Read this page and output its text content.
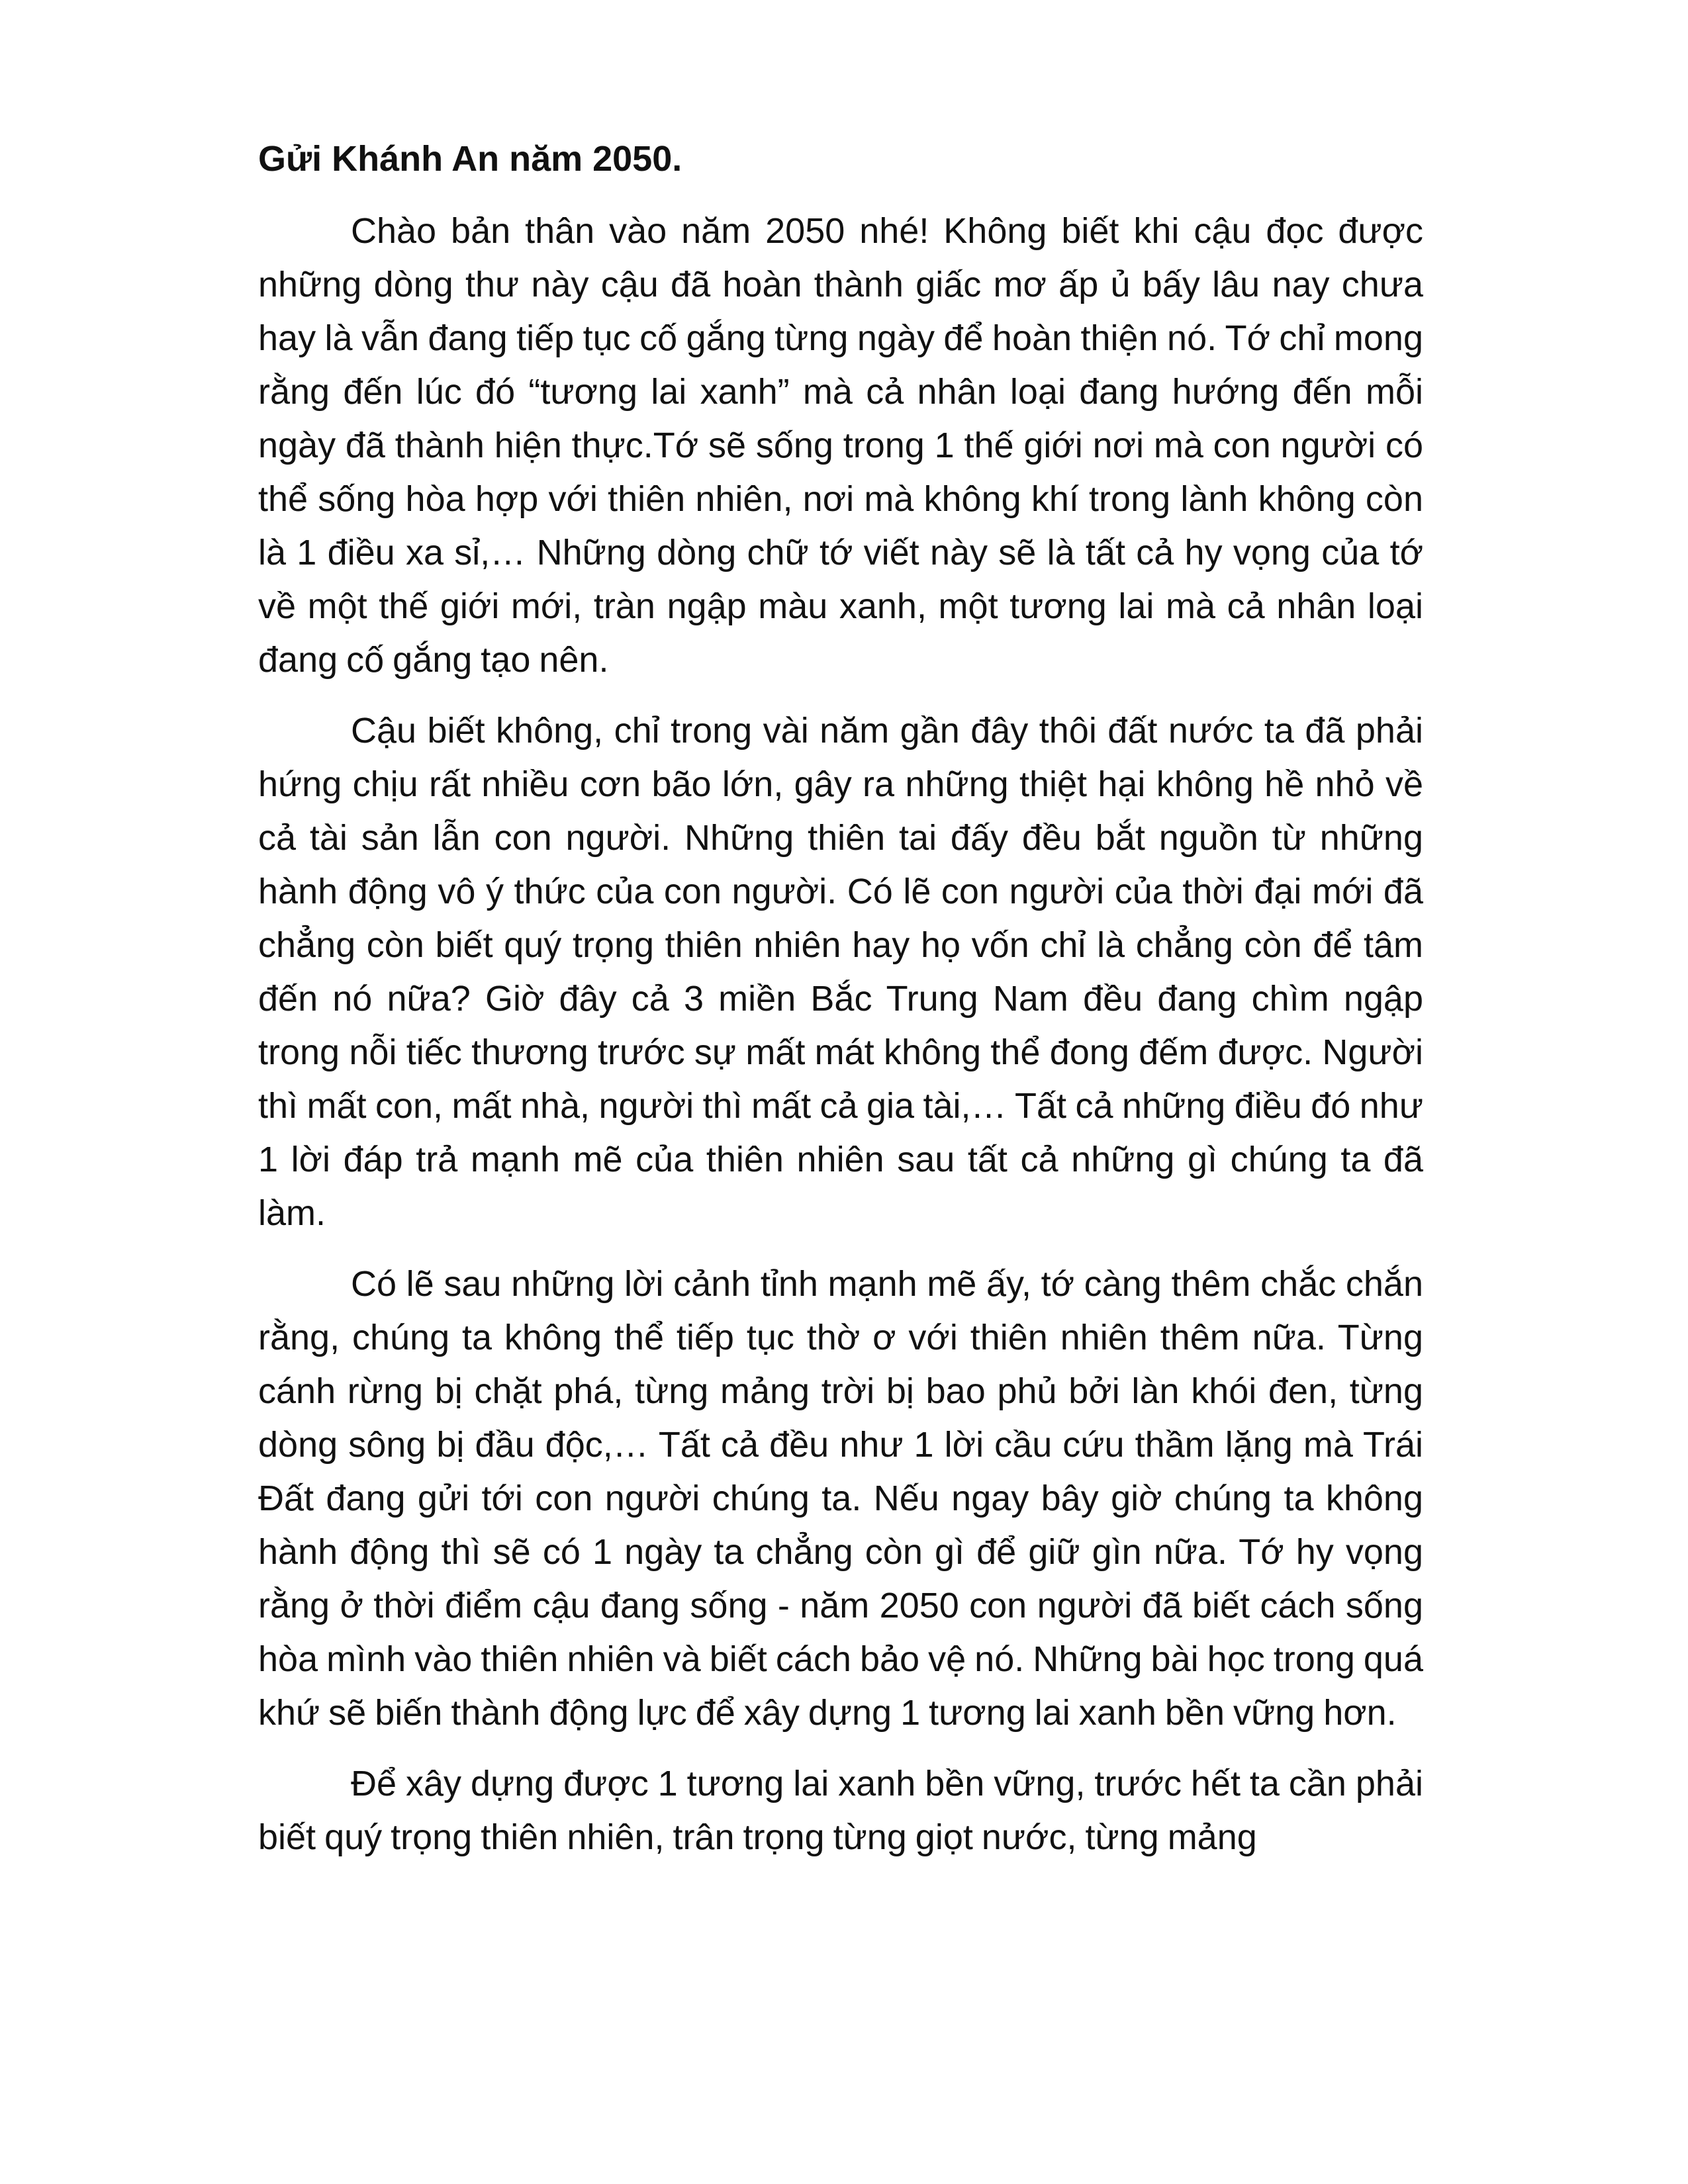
Gửi Khánh An năm 2050.

Chào bản thân vào năm 2050 nhé! Không biết khi cậu đọc được những dòng thư này cậu đã hoàn thành giấc mơ ấp ủ bấy lâu nay chưa hay là vẫn đang tiếp tục cố gắng từng ngày để hoàn thiện nó. Tớ chỉ mong rằng đến lúc đó “tương lai xanh” mà cả nhân loại đang hướng đến mỗi ngày đã thành hiện thực.Tớ sẽ sống trong 1 thế giới nơi mà con người có thể sống hòa hợp với thiên nhiên, nơi mà không khí trong lành không còn là 1 điều xa sỉ,… Những dòng chữ tớ viết này sẽ là tất cả hy vọng của tớ về một thế giới mới, tràn ngập màu xanh, một tương lai mà cả nhân loại đang cố gắng tạo nên.

Cậu biết không, chỉ trong vài năm gần đây thôi đất nước ta đã phải hứng chịu rất nhiều cơn bão lớn, gây ra những thiệt hại không hề nhỏ về cả tài sản lẫn con người. Những thiên tai đấy đều bắt nguồn từ những hành động vô ý thức của con người. Có lẽ con người của thời đại mới đã chẳng còn biết quý trọng thiên nhiên hay họ vốn chỉ là chẳng còn để tâm đến nó nữa? Giờ đây cả 3 miền Bắc Trung Nam đều đang chìm ngập trong nỗi tiếc thương trước sự mất mát không thể đong đếm được. Người thì mất con, mất nhà, người thì mất cả gia tài,… Tất cả những điều đó như 1 lời đáp trả mạnh mẽ của thiên nhiên sau tất cả những gì chúng ta đã làm.

Có lẽ sau những lời cảnh tỉnh mạnh mẽ ấy, tớ càng thêm chắc chắn rằng, chúng ta không thể tiếp tục thờ ơ với thiên nhiên thêm nữa. Từng cánh rừng bị chặt phá, từng mảng trời bị bao phủ bởi làn khói đen, từng dòng sông bị đầu độc,… Tất cả đều như 1 lời cầu cứu thầm lặng mà Trái Đất đang gửi tới con người chúng ta. Nếu ngay bây giờ chúng ta không hành động thì sẽ có 1 ngày ta chẳng còn gì để giữ gìn nữa. Tớ hy vọng rằng ở thời điểm cậu đang sống - năm 2050 con người đã biết cách sống hòa mình vào thiên nhiên và biết cách bảo vệ nó. Những bài học trong quá khứ sẽ biến thành động lực để xây dựng 1 tương lai xanh bền vững hơn.

Để xây dựng được 1 tương lai xanh bền vững, trước hết ta cần phải biết quý trọng thiên nhiên, trân trọng từng giọt nước, từng mảng
